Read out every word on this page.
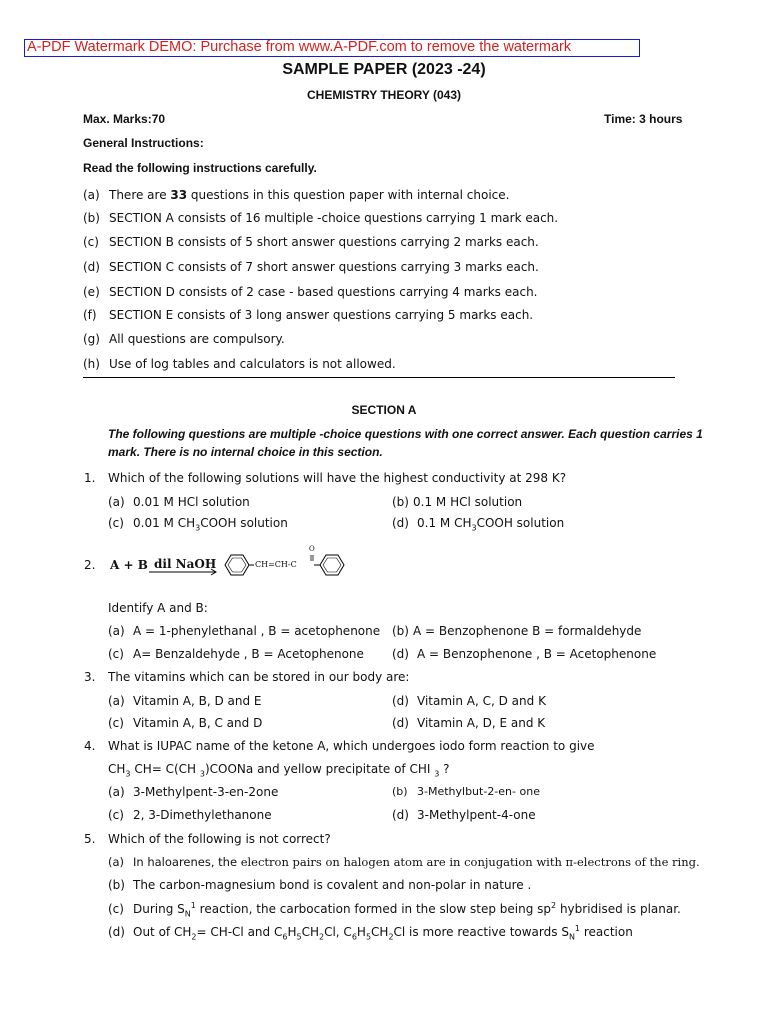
A-PDF Watermark DEMO: Purchase from www.A-PDF.com to remove the watermark
SAMPLE PAPER (2023 -24)
CHEMISTRY THEORY (043)
Max. Marks:70	Time: 3 hours
General Instructions:
Read the following instructions carefully.
(a) There are 33 questions in this question paper with internal choice.
(b) SECTION A consists of 16 multiple -choice questions carrying 1 mark each.
(c) SECTION B consists of 5 short answer questions carrying 2 marks each.
(d) SECTION C consists of 7 short answer questions carrying 3 marks each.
(e) SECTION D consists of 2 case - based questions carrying 4 marks each.
(f) SECTION E consists of 3 long answer questions carrying 5 marks each.
(g) All questions are compulsory.
(h) Use of log tables and calculators is not allowed.
SECTION A
The following questions are multiple -choice questions with one correct answer. Each question carries 1
mark. There is no internal choice in this section.
1. Which of the following solutions will have the highest conductivity at 298 K?
(a) 0.01 M HCl solution	(b) 0.1 M HCl solution
(c) 0.01 M $CH_3COOH$ solution	(d) 0.1 M $CH_3COOH$ solution
2. A + B dil NaOH	CH=CH-C
O
Identify A and B:
(a) A = 1-phenylethanal , B = acetophenone (b) A = Benzophenone B = formaldehyde
(c) A= Benzaldehyde , B = Acetophenone (d) A = Benzophenone , B = Acetophenone
3. The vitamins which can be stored in our body are:
(a) Vitamin A, B, D and E	(d) Vitamin A, C, D and K
(c) Vitamin A, B, C and D	(d) Vitamin A, D, E and K
4. What is IUPAC name of the ketone A, which undergoes iodo form reaction to give
$CH_3$ CH= C(CH $_3$)COONa and yellow precipitate of CHI $_3$ ?
(a) 3-Methylpent-3-en-2one	(b) 3-Methylbut-2-en- one
(c) 2, 3-Dimethylethanone	(d) 3-Methylpent-4-one
5. Which of the following is not correct?
(a) In haloarenes, the electron pairs on halogen atom are in conjugation with π-electrons of the ring.
(b) The carbon-magnesium bond is covalent and non-polar in nature .
(c) During $S_N^1$ reaction, the carbocation formed in the slow step being $sp^2$ hybridised is planar.
(d) Out of $CH_2= CH-Cl$ and $C_6H_5CH_2Cl$, $C_6H_5CH_2Cl$ is more reactive towards $S_N^1$ reaction
